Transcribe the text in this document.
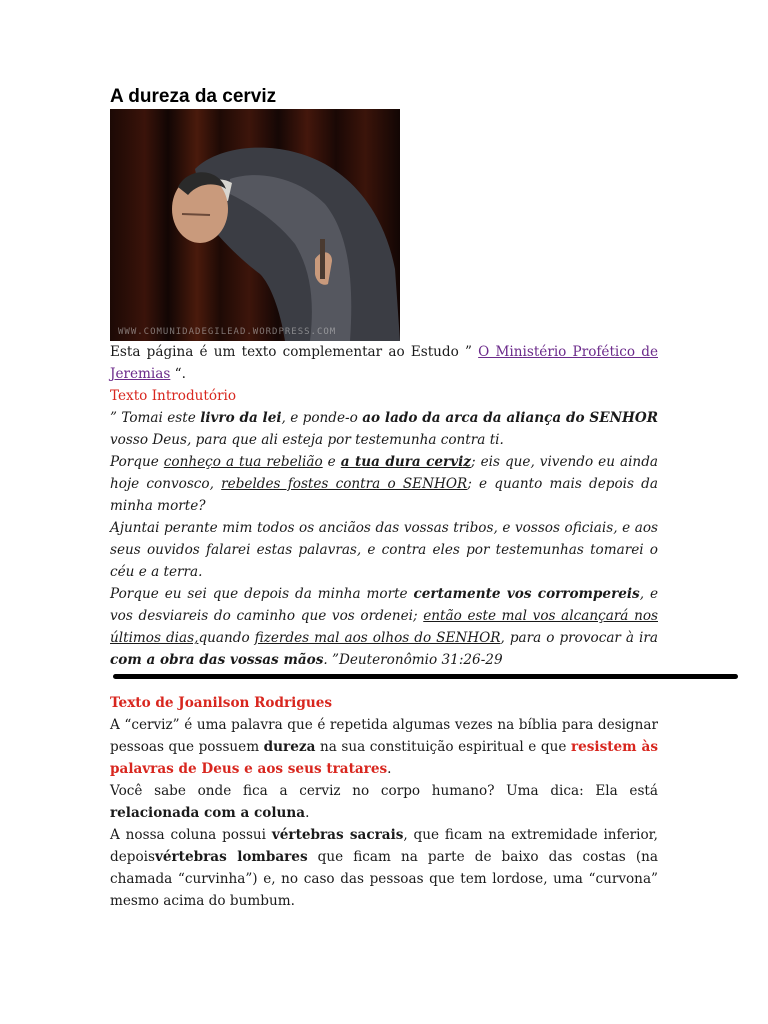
A dureza da cerviz
WWW.COMUNIDADEGILEAD.WORDPRESS.COM

Esta página é um texto complementar ao Estudo ” O Ministério Profético de Jeremias “.

Texto Introdutório

” Tomai este livro da lei, e ponde-o ao lado da arca da aliança do SENHOR vosso Deus, para que ali esteja por testemunha contra ti.

Porque conheço a tua rebelião e a tua dura cerviz; eis que, vivendo eu ainda hoje convosco, rebeldes fostes contra o SENHOR; e quanto mais depois da minha morte?

Ajuntai perante mim todos os anciãos das vossas tribos, e vossos oficiais, e aos seus ouvidos falarei estas palavras, e contra eles por testemunhas tomarei o céu e a terra.

Porque eu sei que depois da minha morte certamente vos corrompereis, e vos desviareis do caminho que vos ordenei; então este mal vos alcançará nos últimos dias,quando fizerdes mal aos olhos do SENHOR, para o provocar à ira com a obra das vossas mãos. ”Deuteronômio 31:26-29

Texto de Joanilson Rodrigues

A “cerviz” é uma palavra que é repetida algumas vezes na bíblia para designar pessoas que possuem dureza na sua constituição espiritual e que resistem às palavras de Deus e aos seus tratares.

Você sabe onde fica a cerviz no corpo humano? Uma dica: Ela está relacionada com a coluna.

A nossa coluna possui vértebras sacrais, que ficam na extremidade inferior, depoisvértebras lombares que ficam na parte de baixo das costas (na chamada “curvinha”) e, no caso das pessoas que tem lordose, uma “curvona” mesmo acima do bumbum.
